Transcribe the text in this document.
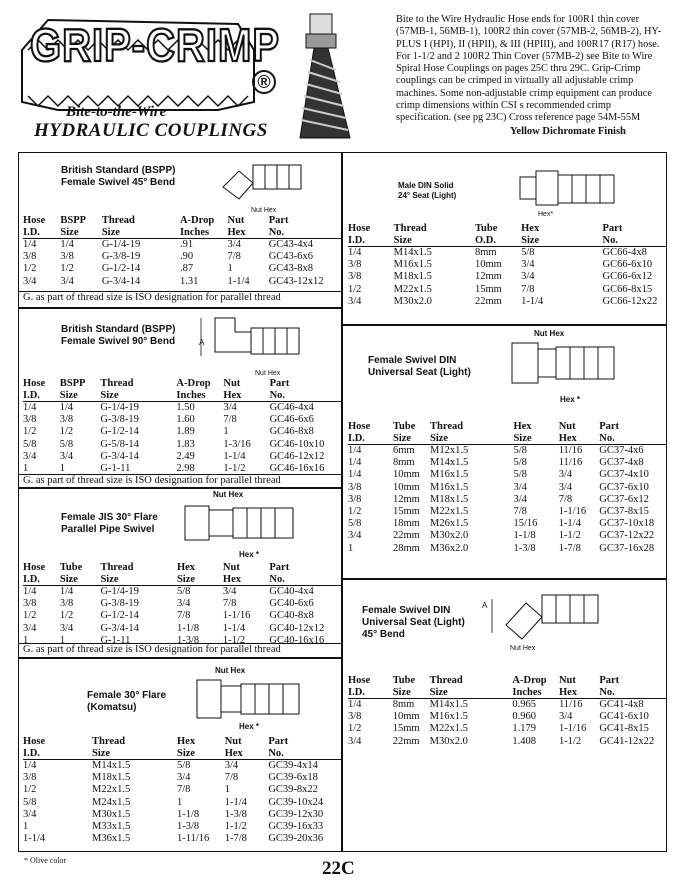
GRIP-CRIMP
®
Bite-to-the-Wire
HYDRAULIC COUPLINGS
Bite to the Wire Hydraulic Hose ends for 100R1 thin cover (57MB-1, 56MB-1), 100R2 thin cover (57MB-2, 56MB-2), HY-PLUS I (HPI), II (HPII), & III (HPIII), and 100R17 (R17) hose. For 1-1/2 and 2 100R2 Thin Cover (57MB-2) see Bite to Wire Spiral Hose Couplings on pages 25C thru 29C. Grip-Crimp couplings can be crimped in virtually all adjustable crimp machines. Some non-adjustable crimp equipment can produce crimp dimensions within CSI s recommended crimp specification. (see pg 23C) Cross reference page 54M-55M
Yellow Dichromate Finish
British Standard (BSPP)
Female Swivel 45° Bend
Nut Hex
Hose	BSPP	Thread	A-Drop	Nut	Part
I.D.	Size	Size	Inches	Hex	No.
1/4	1/4	G-1/4-19	.91	3/4	GC43-4x4
3/8	3/8	G-3/8-19	.90	7/8	GC43-6x6
1/2	1/2	G-1/2-14	.87	1	GC43-8x8
3/4	3/4	G-3/4-14	1.31	1-1/4	GC43-12x12
G. as part of thread size is ISO designation for parallel thread
British Standard (BSPP)
Female Swivel 90° Bend	A
Nut Hex
Hose	BSPP	Thread	A-Drop	Nut	Part
I.D.	Size	Size	Inches	Hex	No.
1/4	1/4	G-1/4-19	1.50	3/4	GC46-4x4
3/8	3/8	G-3/8-19	1.60	7/8	GC46-6x6
1/2	1/2	G-1/2-14	1.89	1	GC46-8x8
5/8	5/8	G-5/8-14	1.83	1-3/16	GC46-10x10
3/4	3/4	G-3/4-14	2.49	1-1/4	GC46-12x12
1	1	G-1-11	2.98	1-1/2	GC46-16x16
G. as part of thread size is ISO designation for parallel thread
Female JIS 30° Flare
Parallel Pipe Swivel
Nut Hex
Hex *
Hose	Tube	Thread	Hex	Nut	Part
I.D.	Size	Size	Size	Hex	No.
1/4	1/4	G-1/4-19	5/8	3/4	GC40-4x4
3/8	3/8	G-3/8-19	3/4	7/8	GC40-6x6
1/2	1/2	G-1/2-14	7/8	1-1/16	GC40-8x8
3/4	3/4	G-3/4-14	1-1/8	1-1/4	GC40-12x12
1	1	G-1-11	1-3/8	1-1/2	GC40-16x16
G. as part of thread size is ISO designation for parallel thread
Female 30° Flare
(Komatsu)
Nut Hex
Hex *
Hose	Thread	Hex	Nut	Part
I.D.	Size	Size	Hex	No.
1/4	M14x1.5	5/8	3/4	GC39-4x14
3/8	M18x1.5	3/4	7/8	GC39-6x18
1/2	M22x1.5	7/8	1	GC39-8x22
5/8	M24x1.5	1	1-1/4	GC39-10x24
3/4	M30x1.5	1-1/8	1-3/8	GC39-12x30
1	M33x1.5	1-3/8	1-1/2	GC39-16x33
1-1/4	M36x1.5	1-11/16	1-7/8	GC39-20x36
Male DIN Solid
24° Seat (Light)
Hex*
Hose	Thread	Tube	Hex	Part
I.D.	Size	O.D.	Size	No.
1/4	M14x1.5	8mm	5/8	GC66-4x8
3/8	M16x1.5	10mm	3/4	GC66-6x10
3/8	M18x1.5	12mm	3/4	GC66-6x12
1/2	M22x1.5	15mm	7/8	GC66-8x15
3/4	M30x2.0	22mm	1-1/4	GC66-12x22
Nut Hex
Female Swivel DIN
Universal Seat (Light)
Hex *
Hose	Tube	Thread	Hex	Nut	Part
I.D.	Size	Size	Size	Hex	No.
1/4	6mm	M12x1.5	5/8	11/16	GC37-4x6
1/4	8mm	M14x1.5	5/8	11/16	GC37-4x8
1/4	10mm	M16x1.5	5/8	3/4	GC37-4x10
3/8	10mm	M16x1.5	3/4	3/4	GC37-6x10
3/8	12mm	M18x1.5	3/4	7/8	GC37-6x12
1/2	15mm	M22x1.5	7/8	1-1/16	GC37-8x15
5/8	18mm	M26x1.5	15/16	1-1/4	GC37-10x18
3/4	22mm	M30x2.0	1-1/8	1-1/2	GC37-12x22
1	28mm	M36x2.0	1-3/8	1-7/8	GC37-16x28
Female Swivel DIN
Universal Seat (Light)
45° Bend
A
Nut Hex
Hose	Tube	Thread	A-Drop	Nut	Part
I.D.	Size	Size	Inches	Hex	No.
1/4	8mm	M14x1.5	0.965	11/16	GC41-4x8
3/8	10mm	M16x1.5	0.960	3/4	GC41-6x10
1/2	15mm	M22x1.5	1.179	1-1/16	GC41-8x15
3/4	22mm	M30x2.0	1.408	1-1/2	GC41-12x22
* Olive color	22C
